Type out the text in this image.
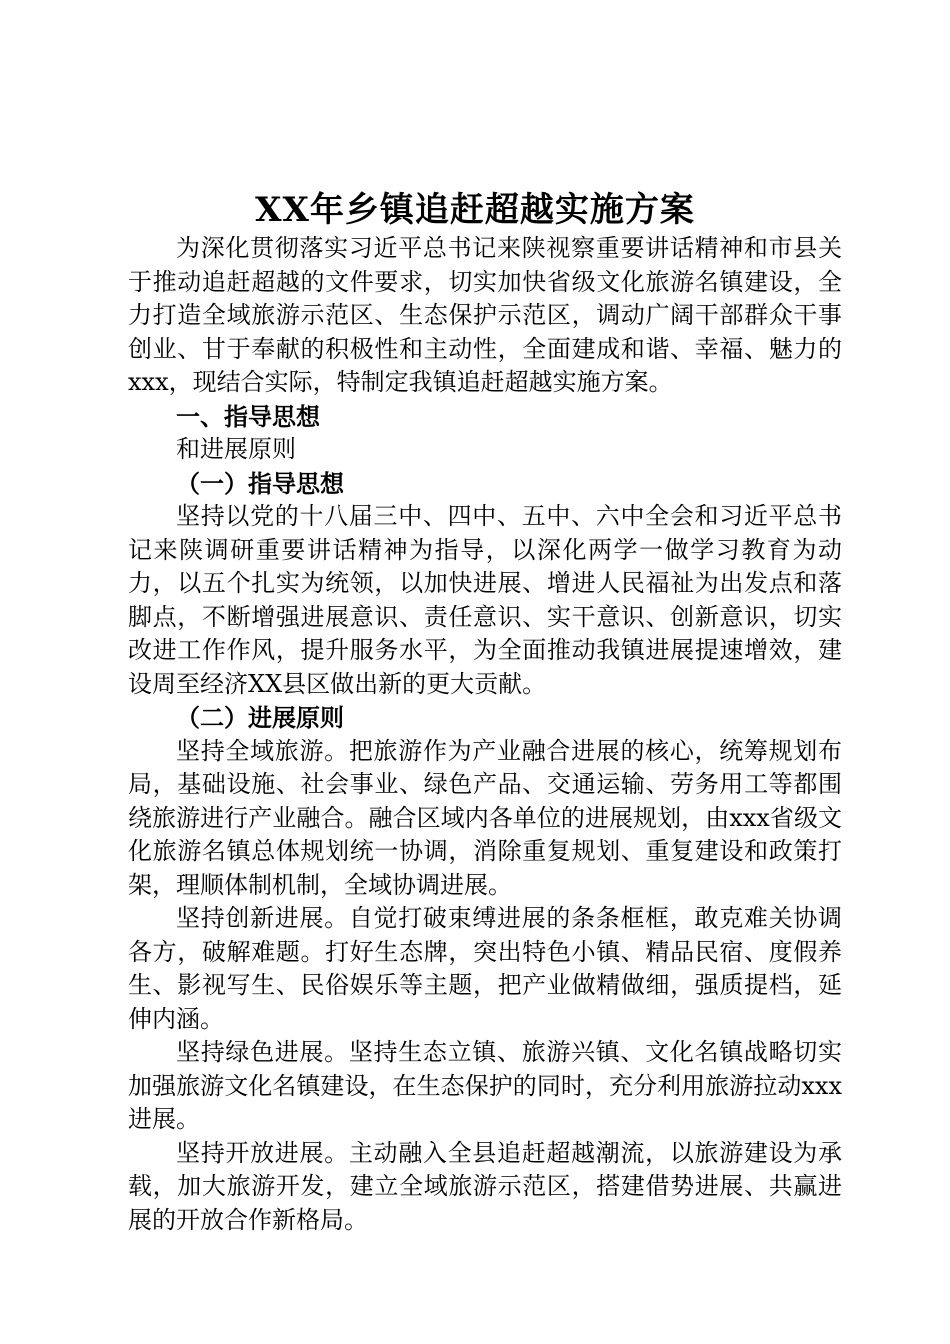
XX年乡镇追赶超越实施方案

为深化贯彻落实习近平总书记来陕视察重要讲话精神和市县关于推动追赶超越的文件要求，切实加快省级文化旅游名镇建设，全力打造全域旅游示范区、生态保护示范区，调动广阔干部群众干事创业、甘于奉献的积极性和主动性，全面建成和谐、幸福、魅力的xxx，现结合实际，特制定我镇追赶超越实施方案。

一、指导思想

和进展原则

（一）指导思想

坚持以党的十八届三中、四中、五中、六中全会和习近平总书记来陕调研重要讲话精神为指导，以深化两学一做学习教育为动力，以五个扎实为统领，以加快进展、增进人民福祉为出发点和落脚点，不断增强进展意识、责任意识、实干意识、创新意识，切实改进工作作风，提升服务水平，为全面推动我镇进展提速增效，建设周至经济XX县区做出新的更大贡献。

（二）进展原则

坚持全域旅游。把旅游作为产业融合进展的核心，统筹规划布局，基础设施、社会事业、绿色产品、交通运输、劳务用工等都围绕旅游进行产业融合。融合区域内各单位的进展规划，由xxx省级文化旅游名镇总体规划统一协调，消除重复规划、重复建设和政策打架，理顺体制机制，全域协调进展。

坚持创新进展。自觉打破束缚进展的条条框框，敢克难关协调各方，破解难题。打好生态牌，突出特色小镇、精品民宿、度假养生、影视写生、民俗娱乐等主题，把产业做精做细，强质提档，延伸内涵。

坚持绿色进展。坚持生态立镇、旅游兴镇、文化名镇战略切实加强旅游文化名镇建设，在生态保护的同时，充分利用旅游拉动xxx进展。

坚持开放进展。主动融入全县追赶超越潮流，以旅游建设为承载，加大旅游开发，建立全域旅游示范区，搭建借势进展、共赢进展的开放合作新格局。
